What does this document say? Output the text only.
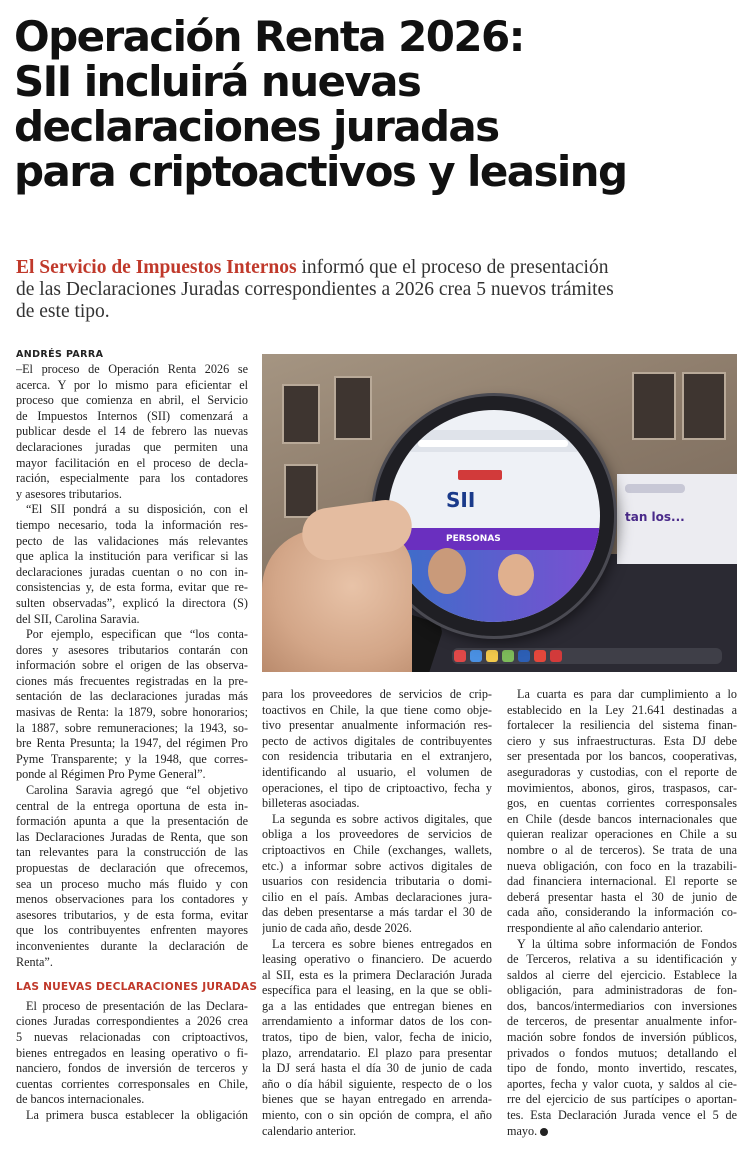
Operación Renta 2026:
SII incluirá nuevas
declaraciones juradas
para criptoactivos y leasing

El Servicio de Impuestos Internos informó que el proceso de presentación
de las Declaraciones Juradas correspondientes a 2026 crea 5 nuevos trámites
de este tipo.

ANDRÉS PARRA
tan los...
SII
PERSONAS
–El proceso de Operación Renta 2026 se
acerca. Y por lo mismo para eficientar el
proceso que comienza en abril, el Servicio
de Impuestos Internos (SII) comenzará a
publicar desde el 14 de febrero las nuevas
declaraciones juradas que permiten una
mayor facilitación en el proceso de decla-
ración, especialmente para los contadores
y asesores tributarios.
“El SII pondrá a su disposición, con el
tiempo necesario, toda la información res-
pecto de las validaciones más relevantes
que aplica la institución para verificar si las
declaraciones juradas cuentan o no con in-
consistencias y, de esta forma, evitar que re-
sulten observadas”, explicó la directora (S)
del SII, Carolina Saravia.
Por ejemplo, especifican que “los conta-
dores y asesores tributarios contarán con
información sobre el origen de las observa-
ciones más frecuentes registradas en la pre-
sentación de las declaraciones juradas más
masivas de Renta: la 1879, sobre honorarios;
la 1887, sobre remuneraciones; la 1943, so-
bre Renta Presunta; la 1947, del régimen Pro
Pyme Transparente; y la 1948, que corres-
ponde al Régimen Pro Pyme General”.
Carolina Saravia agregó que “el objetivo
central de la entrega oportuna de esta in-
formación apunta a que la presentación de
las Declaraciones Juradas de Renta, que son
tan relevantes para la construcción de las
propuestas de declaración que ofrecemos,
sea un proceso mucho más fluido y con
menos observaciones para los contadores y
asesores tributarios, y de esta forma, evitar
que los contribuyentes enfrenten mayores
inconvenientes durante la declaración de
Renta”.
LAS NUEVAS DECLARACIONES JURADAS
El proceso de presentación de las Declara-
ciones Juradas correspondientes a 2026 crea
5 nuevas relacionadas con criptoactivos,
bienes entregados en leasing operativo o fi-
nanciero, fondos de inversión de terceros y
cuentas corrientes corresponsales en Chile,
de bancos internacionales.
La primera busca establecer la obligación
para los proveedores de servicios de crip-
toactivos en Chile, la que tiene como obje-
tivo presentar anualmente información res-
pecto de activos digitales de contribuyentes
con residencia tributaria en el extranjero,
identificando al usuario, el volumen de
operaciones, el tipo de criptoactivo, fecha y
billeteras asociadas.
La segunda es sobre activos digitales, que
obliga a los proveedores de servicios de
criptoactivos en Chile (exchanges, wallets,
etc.) a informar sobre activos digitales de
usuarios con residencia tributaria o domi-
cilio en el país. Ambas declaraciones jura-
das deben presentarse a más tardar el 30 de
junio de cada año, desde 2026.
La tercera es sobre bienes entregados en
leasing operativo o financiero. De acuerdo
al SII, esta es la primera Declaración Jurada
específica para el leasing, en la que se obli-
ga a las entidades que entregan bienes en
arrendamiento a informar datos de los con-
tratos, tipo de bien, valor, fecha de inicio,
plazo, arrendatario. El plazo para presentar
la DJ será hasta el día 30 de junio de cada
año o día hábil siguiente, respecto de o los
bienes que se hayan entregado en arrenda-
miento, con o sin opción de compra, el año
calendario anterior.
La cuarta es para dar cumplimiento a lo
establecido en la Ley 21.641 destinadas a
fortalecer la resiliencia del sistema finan-
ciero y sus infraestructuras. Esta DJ debe
ser presentada por los bancos, cooperativas,
aseguradoras y custodias, con el reporte de
movimientos, abonos, giros, traspasos, car-
gos, en cuentas corrientes corresponsales
en Chile (desde bancos internacionales que
quieran realizar operaciones en Chile a su
nombre o al de terceros). Se trata de una
nueva obligación, con foco en la trazabili-
dad financiera internacional. El reporte se
deberá presentar hasta el 30 de junio de
cada año, considerando la información co-
rrespondiente al año calendario anterior.
Y la última sobre información de Fondos
de Terceros, relativa a su identificación y
saldos al cierre del ejercicio. Establece la
obligación, para administradoras de fon-
dos, bancos/intermediarios con inversiones
de terceros, de presentar anualmente infor-
mación sobre fondos de inversión públicos,
privados o fondos mutuos; detallando el
tipo de fondo, monto invertido, rescates,
aportes, fecha y valor cuota, y saldos al cie-
rre del ejercicio de sus partícipes o aportan-
tes. Esta Declaración Jurada vence el 5 de
mayo.
